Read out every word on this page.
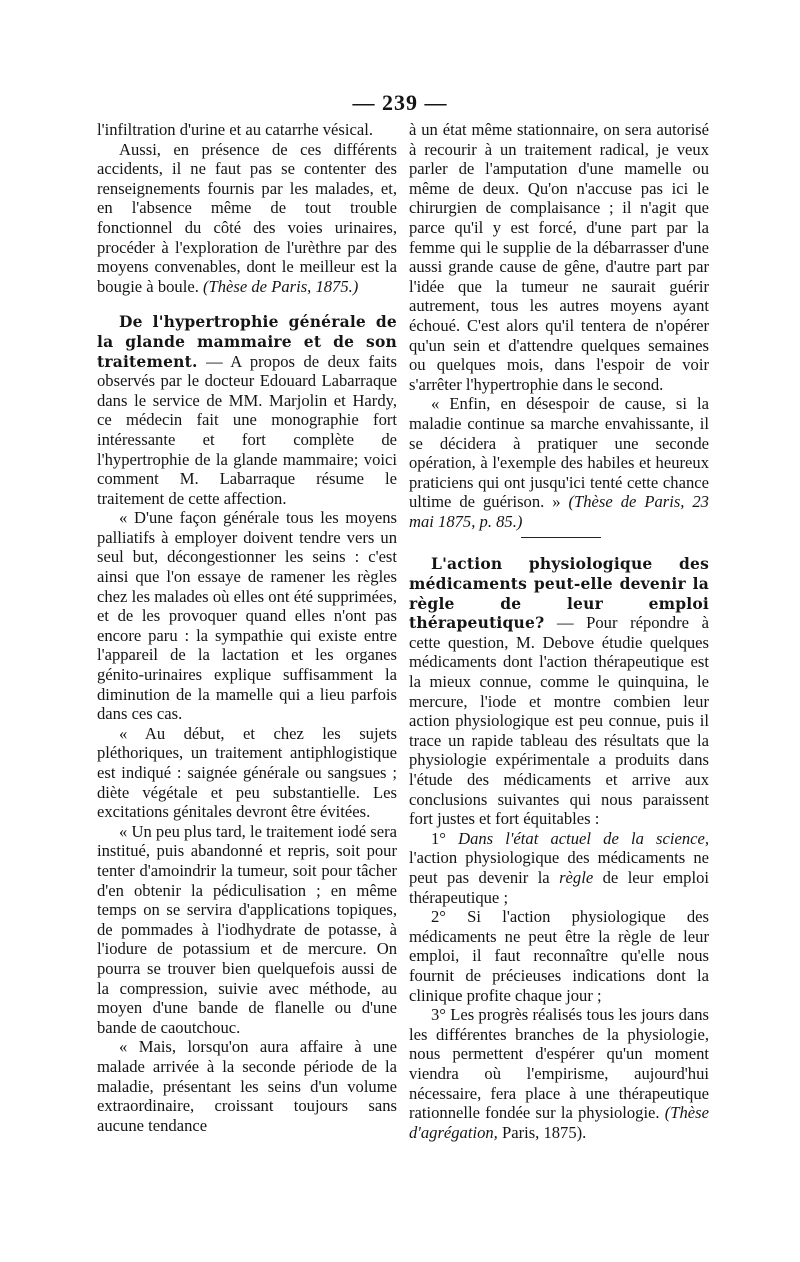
— 239 —

l'infiltration d'urine et au catarrhe vésical.

Aussi, en présence de ces différents accidents, il ne faut pas se contenter des renseignements fournis par les malades, et, en l'absence même de tout trouble fonctionnel du côté des voies urinaires, procéder à l'exploration de l'urèthre par des moyens convenables, dont le meilleur est la bougie à boule. (Thèse de Paris, 1875.)

De l'hypertrophie générale de la glande mammaire et de son traitement. — A propos de deux faits observés par le docteur Edouard Labarraque dans le service de MM. Marjolin et Hardy, ce médecin fait une monographie fort intéressante et fort complète de l'hypertrophie de la glande mammaire; voici comment M. Labarraque résume le traitement de cette affection.

« D'une façon générale tous les moyens palliatifs à employer doivent tendre vers un seul but, décongestionner les seins : c'est ainsi que l'on essaye de ramener les règles chez les malades où elles ont été supprimées, et de les provoquer quand elles n'ont pas encore paru : la sympathie qui existe entre l'appareil de la lactation et les organes génito-urinaires explique suffisamment la diminution de la mamelle qui a lieu parfois dans ces cas.

« Au début, et chez les sujets pléthoriques, un traitement antiphlogistique est indiqué : saignée générale ou sangsues ; diète végétale et peu substantielle. Les excitations génitales devront être évitées.

« Un peu plus tard, le traitement iodé sera institué, puis abandonné et repris, soit pour tenter d'amoindrir la tumeur, soit pour tâcher d'en obtenir la pédiculisation ; en même temps on se servira d'applications topiques, de pommades à l'iodhydrate de potasse, à l'iodure de potassium et de mercure. On pourra se trouver bien quelquefois aussi de la compression, suivie avec méthode, au moyen d'une bande de flanelle ou d'une bande de caoutchouc.

« Mais, lorsqu'on aura affaire à une malade arrivée à la seconde période de la maladie, présentant les seins d'un volume extraordinaire, croissant toujours sans aucune tendance

à un état même stationnaire, on sera autorisé à recourir à un traitement radical, je veux parler de l'amputation d'une mamelle ou même de deux. Qu'on n'accuse pas ici le chirurgien de complaisance ; il n'agit que parce qu'il y est forcé, d'une part par la femme qui le supplie de la débarrasser d'une aussi grande cause de gêne, d'autre part par l'idée que la tumeur ne saurait guérir autrement, tous les autres moyens ayant échoué. C'est alors qu'il tentera de n'opérer qu'un sein et d'attendre quelques semaines ou quelques mois, dans l'espoir de voir s'arrêter l'hypertrophie dans le second.

« Enfin, en désespoir de cause, si la maladie continue sa marche envahissante, il se décidera à pratiquer une seconde opération, à l'exemple des habiles et heureux praticiens qui ont jusqu'ici tenté cette chance ultime de guérison. » (Thèse de Paris, 23 mai 1875, p. 85.)

L'action physiologique des médicaments peut-elle devenir la règle de leur emploi thérapeutique? — Pour répondre à cette question, M. Debove étudie quelques médicaments dont l'action thérapeutique est la mieux connue, comme le quinquina, le mercure, l'iode et montre combien leur action physiologique est peu connue, puis il trace un rapide tableau des résultats que la physiologie expérimentale a produits dans l'étude des médicaments et arrive aux conclusions suivantes qui nous paraissent fort justes et fort équitables :

1° Dans l'état actuel de la science, l'action physiologique des médicaments ne peut pas devenir la règle de leur emploi thérapeutique ;

2° Si l'action physiologique des médicaments ne peut être la règle de leur emploi, il faut reconnaître qu'elle nous fournit de précieuses indications dont la clinique profite chaque jour ;

3° Les progrès réalisés tous les jours dans les différentes branches de la physiologie, nous permettent d'espérer qu'un moment viendra où l'empirisme, aujourd'hui nécessaire, fera place à une thérapeutique rationnelle fondée sur la physiologie. (Thèse d'agrégation, Paris, 1875).
